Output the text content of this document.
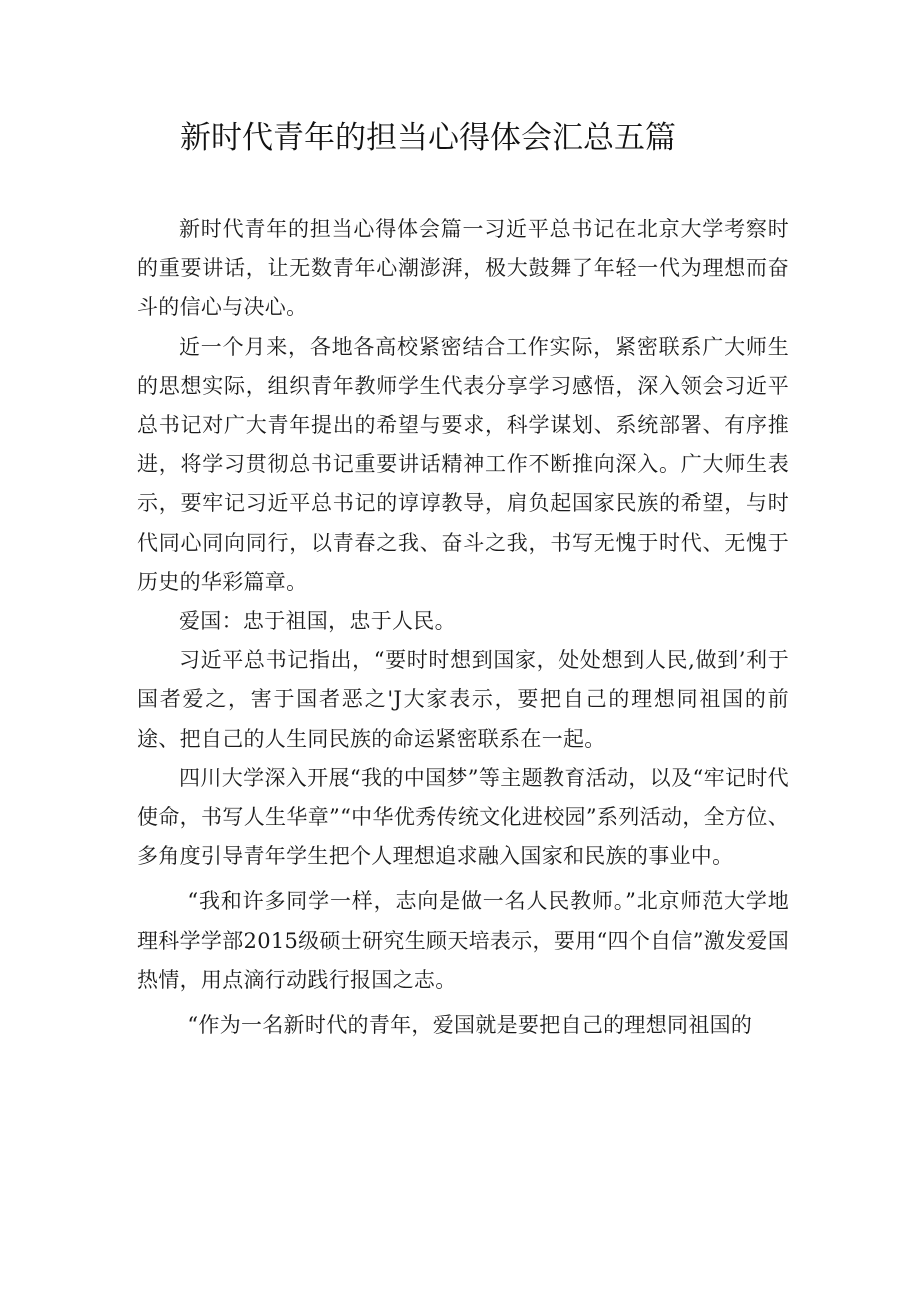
新时代青年的担当心得体会汇总五篇

新时代青年的担当心得体会篇一习近平总书记在北京大学考察时的重要讲话，让无数青年心潮澎湃，极大鼓舞了年轻一代为理想而奋斗的信心与决心。

近一个月来，各地各高校紧密结合工作实际，紧密联系广大师生的思想实际，组织青年教师学生代表分享学习感悟，深入领会习近平总书记对广大青年提出的希望与要求，科学谋划、系统部署、有序推进，将学习贯彻总书记重要讲话精神工作不断推向深入。广大师生表示，要牢记习近平总书记的谆谆教导，肩负起国家民族的希望，与时代同心同向同行，以青春之我、奋斗之我，书写无愧于时代、无愧于历史的华彩篇章。

爱国：忠于祖国，忠于人民。

习近平总书记指出，“要时时想到国家，处处想到人民,做到’利于国者爱之，害于国者恶之'J大家表示，要把自己的理想同祖国的前途、把自己的人生同民族的命运紧密联系在一起。

四川大学深入开展“我的中国梦”等主题教育活动，以及“牢记时代使命，书写人生华章”“中华优秀传统文化进校园”系列活动，全方位、多角度引导青年学生把个人理想追求融入国家和民族的事业中。

“我和许多同学一样，志向是做一名人民教师。”北京师范大学地理科学学部2015级硕士研究生顾天培表示，要用“四个自信”激发爱国热情，用点滴行动践行报国之志。

“作为一名新时代的青年，爱国就是要把自己的理想同祖国的
